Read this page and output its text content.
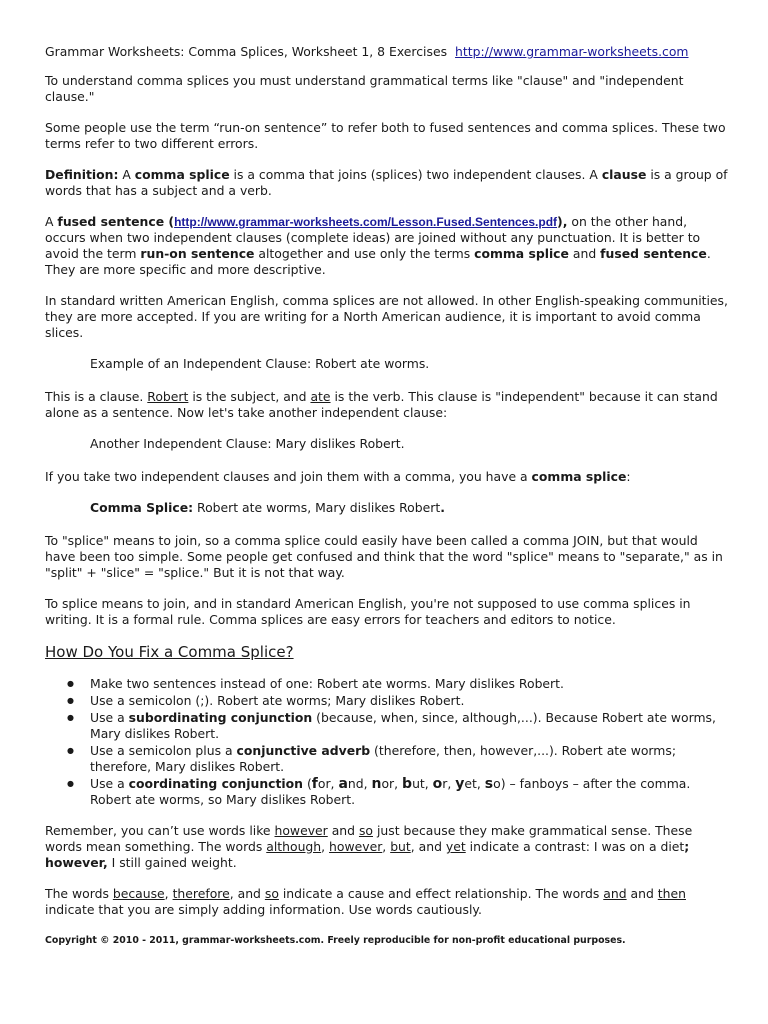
Grammar Worksheets: Comma Splices, Worksheet 1, 8 Exercises http://www.grammar-worksheets.com

To understand comma splices you must understand grammatical terms like "clause" and "independent clause."

Some people use the term “run-on sentence” to refer both to fused sentences and comma splices. These two terms refer to two different errors.

Definition: A comma splice is a comma that joins (splices) two independent clauses. A clause is a group of words that has a subject and a verb.

A fused sentence (http://www.grammar-worksheets.com/Lesson.Fused.Sentences.pdf), on the other hand, occurs when two independent clauses (complete ideas) are joined without any punctuation. It is better to avoid the term run-on sentence altogether and use only the terms comma splice and fused sentence. They are more specific and more descriptive.

In standard written American English, comma splices are not allowed. In other English-speaking communities, they are more accepted. If you are writing for a North American audience, it is important to avoid comma slices.

Example of an Independent Clause: Robert ate worms.

This is a clause. Robert is the subject, and ate is the verb. This clause is "independent" because it can stand alone as a sentence. Now let's take another independent clause:

Another Independent Clause: Mary dislikes Robert.

If you take two independent clauses and join them with a comma, you have a comma splice:

Comma Splice: Robert ate worms, Mary dislikes Robert.

To "splice" means to join, so a comma splice could easily have been called a comma JOIN, but that would have been too simple. Some people get confused and think that the word "splice" means to "separate," as in "split" + "slice" = "splice." But it is not that way.

To splice means to join, and in standard American English, you're not supposed to use comma splices in writing. It is a formal rule. Comma splices are easy errors for teachers and editors to notice.

How Do You Fix a Comma Splice?
● Make two sentences instead of one: Robert ate worms. Mary dislikes Robert.
● Use a semicolon (;). Robert ate worms; Mary dislikes Robert.
● Use a subordinating conjunction (because, when, since, although,...). Because Robert ate worms, Mary dislikes Robert.
● Use a semicolon plus a conjunctive adverb (therefore, then, however,...). Robert ate worms; therefore, Mary dislikes Robert.
● Use a coordinating conjunction (for, and, nor, but, or, yet, so) – fanboys – after the comma. Robert ate worms, so Mary dislikes Robert.

Remember, you can’t use words like however and so just because they make grammatical sense. These words mean something. The words although, however, but, and yet indicate a contrast: I was on a diet; however, I still gained weight.

The words because, therefore, and so indicate a cause and effect relationship. The words and and then indicate that you are simply adding information. Use words cautiously.

Copyright © 2010 - 2011, grammar-worksheets.com. Freely reproducible for non-profit educational purposes.
